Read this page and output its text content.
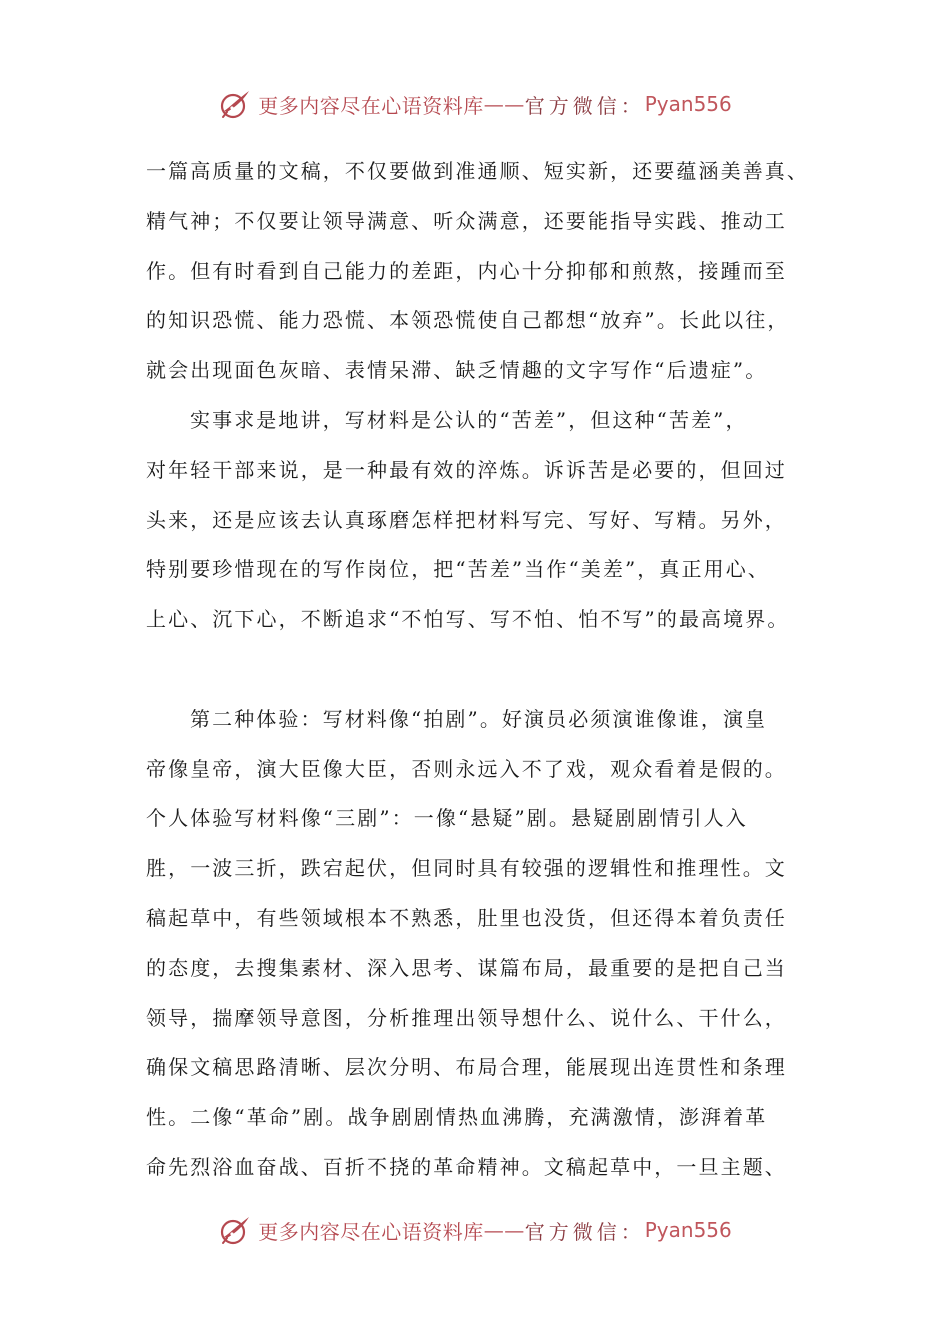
更多内容尽在心语资料库 —— 官方微信： Pyan556
一篇高质量的文稿，不仅要做到准通顺、短实新，还要蕴涵美善真、
精气神；不仅要让领导满意、听众满意，还要能指导实践、推动工
作。但有时看到自己能力的差距，内心十分抑郁和煎熬，接踵而至
的知识恐慌、能力恐慌、本领恐慌使自己都想“放弃”。长此以往，
就会出现面色灰暗、表情呆滞、缺乏情趣的文字写作“后遗症”。
实事求是地讲，写材料是公认的“苦差”，但这种“苦差”，
对年轻干部来说，是一种最有效的淬炼。诉诉苦是必要的，但回过
头来，还是应该去认真琢磨怎样把材料写完、写好、写精。另外，
特别要珍惜现在的写作岗位，把“苦差”当作“美差”，真正用心、
上心、沉下心，不断追求“不怕写、写不怕、怕不写”的最高境界。
第二种体验：写材料像“拍剧”。好演员必须演谁像谁，演皇
帝像皇帝，演大臣像大臣，否则永远入不了戏，观众看着是假的。
个人体验写材料像“三剧”：一像“悬疑”剧。悬疑剧剧情引人入
胜，一波三折，跌宕起伏，但同时具有较强的逻辑性和推理性。文
稿起草中，有些领域根本不熟悉，肚里也没货，但还得本着负责任
的态度，去搜集素材、深入思考、谋篇布局，最重要的是把自己当
领导，揣摩领导意图，分析推理出领导想什么、说什么、干什么，
确保文稿思路清晰、层次分明、布局合理，能展现出连贯性和条理
性。二像“革命”剧。战争剧剧情热血沸腾，充满激情，澎湃着革
命先烈浴血奋战、百折不挠的革命精神。文稿起草中，一旦主题、
更多内容尽在心语资料库 —— 官方微信： Pyan556
